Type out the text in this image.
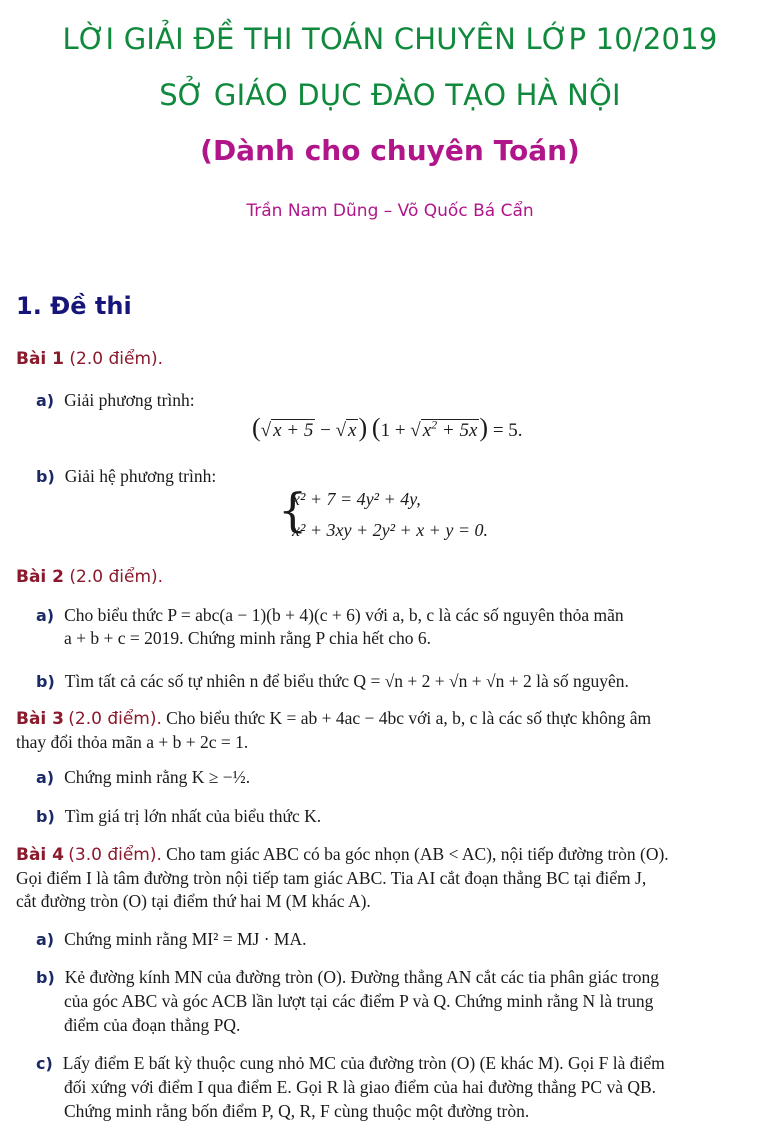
LỜI GIẢI ĐỀ THI TOÁN CHUYÊN LỚP 10/2019
SỞ GIÁO DỤC ĐÀO TẠO HÀ NỘI
(Dành cho chuyên Toán)
Trần Nam Dũng – Võ Quốc Bá Cẩn
1. Đề thi
Bài 1 (2.0 điểm).
a) Giải phương trình:
(√ x + 5 − √ x) (1 + √ $x^2 + 5x) = 5$.
b) Giải hệ phương trình:
{
x² + 7 = 4y² + 4y,
x² + 3xy + 2y² + x + y = 0.
Bài 2 (2.0 điểm).
a) Cho biểu thức P = abc(a − 1)(b + 4)(c + 6) với a, b, c là các số nguyên thỏa mãn
a + b + c = 2019. Chứng minh rằng P chia hết cho 6.
b) Tìm tất cả các số tự nhiên n để biểu thức Q = √n + 2 + √n + √n + 2 là số nguyên.
Bài 3 (2.0 điểm). Cho biểu thức K = ab + 4ac − 4bc với a, b, c là các số thực không âm
thay đổi thỏa mãn a + b + 2c = 1.
a) Chứng minh rằng K ≥ −½.
b) Tìm giá trị lớn nhất của biểu thức K.
Bài 4 (3.0 điểm). Cho tam giác ABC có ba góc nhọn (AB < AC), nội tiếp đường tròn (O).
Gọi điểm I là tâm đường tròn nội tiếp tam giác ABC. Tia AI cắt đoạn thẳng BC tại điểm J,
cắt đường tròn (O) tại điểm thứ hai M (M khác A).
a) Chứng minh rằng MI² = MJ · MA.
b) Kẻ đường kính MN của đường tròn (O). Đường thẳng AN cắt các tia phân giác trong
của góc ABC và góc ACB lần lượt tại các điểm P và Q. Chứng minh rằng N là trung
điểm của đoạn thẳng PQ.
c) Lấy điểm E bất kỳ thuộc cung nhỏ MC của đường tròn (O) (E khác M). Gọi F là điểm
đối xứng với điểm I qua điểm E. Gọi R là giao điểm của hai đường thẳng PC và QB.
Chứng minh rằng bốn điểm P, Q, R, F cùng thuộc một đường tròn.
